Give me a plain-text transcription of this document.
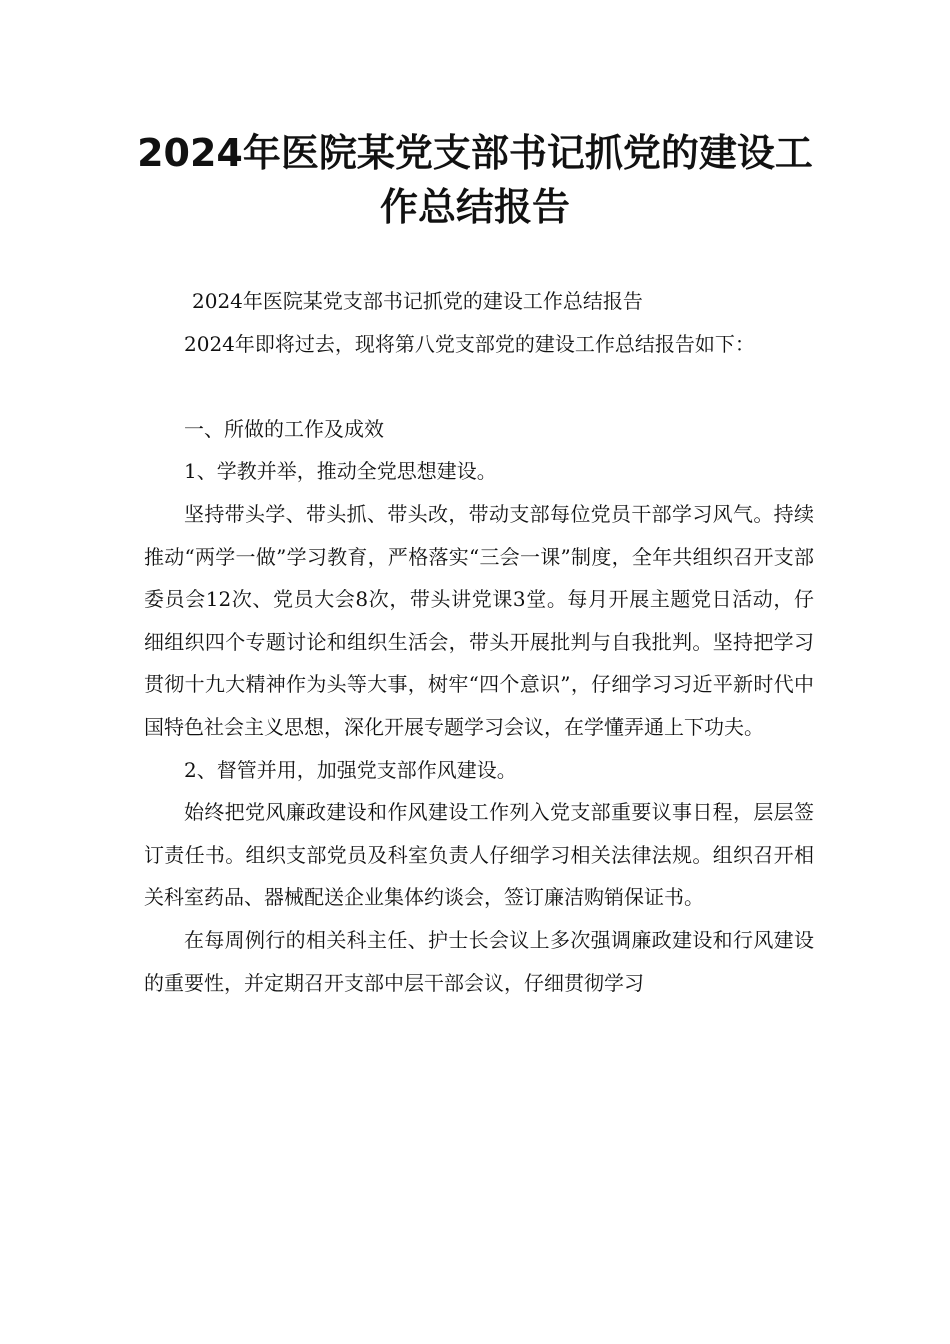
2024年医院某党支部书记抓党的建设工
作总结报告

2024年医院某党支部书记抓党的建设工作总结报告

2024年即将过去，现将第八党支部党的建设工作总结报告如下：

一、所做的工作及成效

1、学教并举，推动全党思想建设。

坚持带头学、带头抓、带头改，带动支部每位党员干部学习风气。持续推动“两学一做”学习教育，严格落实“三会一课”制度，全年共组织召开支部委员会12次、党员大会8次，带头讲党课3堂。每月开展主题党日活动，仔细组织四个专题讨论和组织生活会，带头开展批判与自我批判。坚持把学习贯彻十九大精神作为头等大事，树牢“四个意识”，仔细学习习近平新时代中国特色社会主义思想，深化开展专题学习会议，在学懂弄通上下功夫。

2、督管并用，加强党支部作风建设。

始终把党风廉政建设和作风建设工作列入党支部重要议事日程，层层签订责任书。组织支部党员及科室负责人仔细学习相关法律法规。组织召开相关科室药品、器械配送企业集体约谈会，签订廉洁购销保证书。

在每周例行的相关科主任、护士长会议上多次强调廉政建设和行风建设的重要性，并定期召开支部中层干部会议，仔细贯彻学习
